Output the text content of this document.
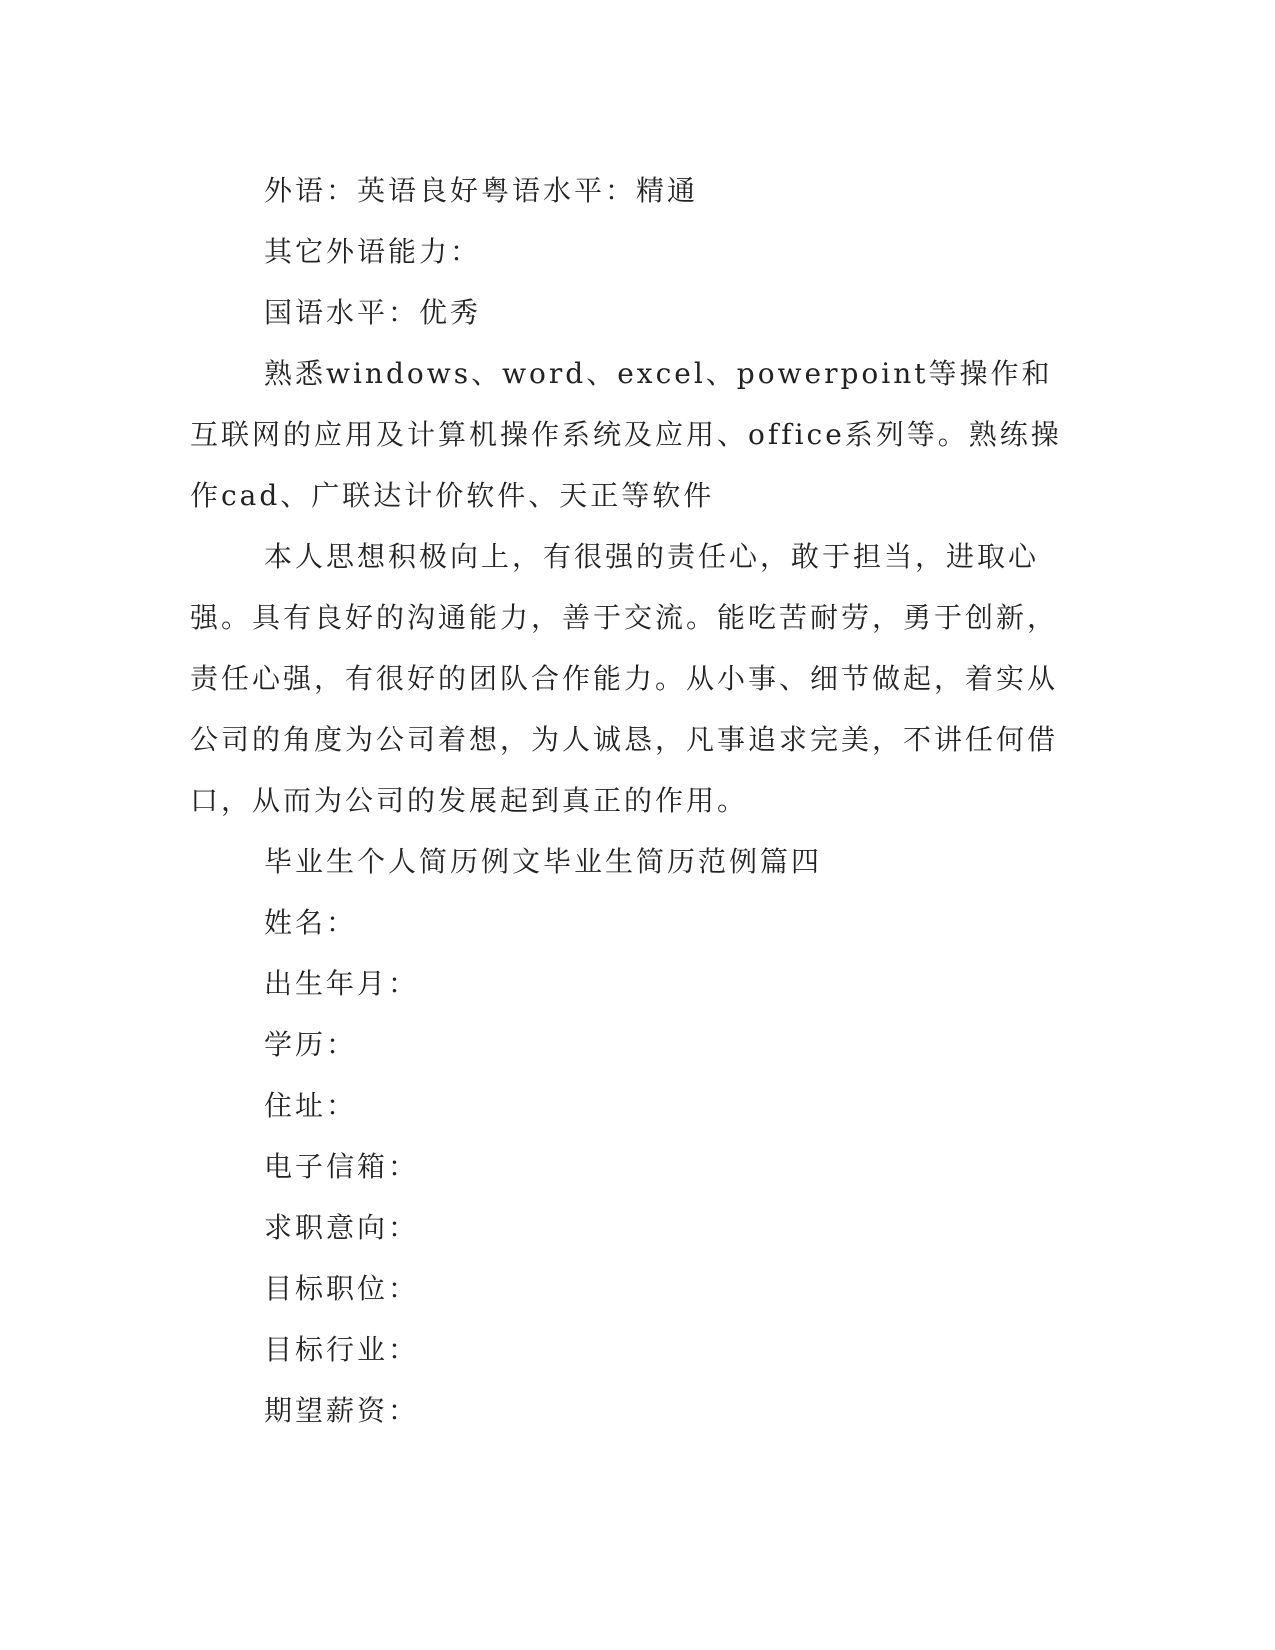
外语：英语良好粤语水平：精通

其它外语能力：

国语水平：优秀

熟悉windows、word、excel、powerpoint等操作和互联网的应用及计算机操作系统及应用、office系列等。熟练操作cad、广联达计价软件、天正等软件

本人思想积极向上，有很强的责任心，敢于担当，进取心强。具有良好的沟通能力，善于交流。能吃苦耐劳，勇于创新，责任心强，有很好的团队合作能力。从小事、细节做起，着实从公司的角度为公司着想，为人诚恳，凡事追求完美，不讲任何借口，从而为公司的发展起到真正的作用。

毕业生个人简历例文毕业生简历范例篇四

姓名：

出生年月：

学历：

住址：

电子信箱：

求职意向：

目标职位：

目标行业：

期望薪资：
